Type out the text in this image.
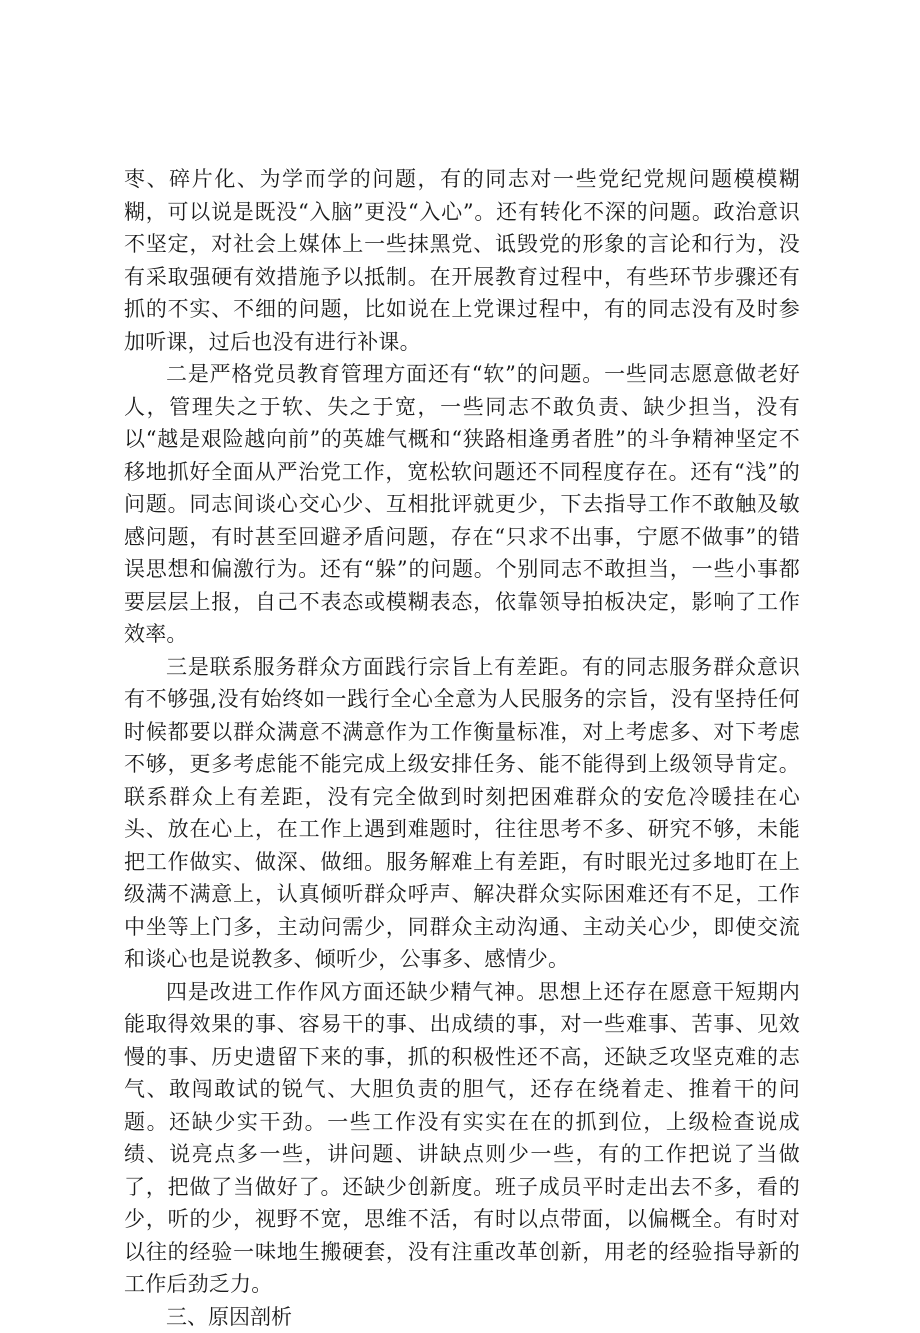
枣、碎片化、为学而学的问题，有的同志对一些党纪党规问题模模糊糊，可以说是既没“入脑”更没“入心”。还有转化不深的问题。政治意识不坚定，对社会上媒体上一些抹黑党、诋毁党的形象的言论和行为，没有采取强硬有效措施予以抵制。在开展教育过程中，有些环节步骤还有抓的不实、不细的问题，比如说在上党课过程中，有的同志没有及时参加听课，过后也没有进行补课。

二是严格党员教育管理方面还有“软”的问题。一些同志愿意做老好人，管理失之于软、失之于宽，一些同志不敢负责、缺少担当，没有以“越是艰险越向前”的英雄气概和“狭路相逢勇者胜”的斗争精神坚定不移地抓好全面从严治党工作，宽松软问题还不同程度存在。还有“浅”的问题。同志间谈心交心少、互相批评就更少，下去指导工作不敢触及敏感问题，有时甚至回避矛盾问题，存在“只求不出事，宁愿不做事”的错误思想和偏激行为。还有“躲”的问题。个别同志不敢担当，一些小事都要层层上报，自己不表态或模糊表态，依靠领导拍板决定，影响了工作效率。

三是联系服务群众方面践行宗旨上有差距。有的同志服务群众意识有不够强,没有始终如一践行全心全意为人民服务的宗旨，没有坚持任何时候都要以群众满意不满意作为工作衡量标准，对上考虑多、对下考虑不够，更多考虑能不能完成上级安排任务、能不能得到上级领导肯定。联系群众上有差距，没有完全做到时刻把困难群众的安危冷暖挂在心头、放在心上，在工作上遇到难题时，往往思考不多、研究不够，未能把工作做实、做深、做细。服务解难上有差距，有时眼光过多地盯在上级满不满意上，认真倾听群众呼声、解决群众实际困难还有不足，工作中坐等上门多，主动问需少，同群众主动沟通、主动关心少，即使交流和谈心也是说教多、倾听少，公事多、感情少。

四是改进工作作风方面还缺少精气神。思想上还存在愿意干短期内能取得效果的事、容易干的事、出成绩的事，对一些难事、苦事、见效慢的事、历史遗留下来的事，抓的积极性还不高，还缺乏攻坚克难的志气、敢闯敢试的锐气、大胆负责的胆气，还存在绕着走、推着干的问题。还缺少实干劲。一些工作没有实实在在的抓到位，上级检查说成绩、说亮点多一些，讲问题、讲缺点则少一些，有的工作把说了当做了，把做了当做好了。还缺少创新度。班子成员平时走出去不多，看的少，听的少，视野不宽，思维不活，有时以点带面，以偏概全。有时对以往的经验一味地生搬硬套，没有注重改革创新，用老的经验指导新的工作后劲乏力。

三、原因剖析
